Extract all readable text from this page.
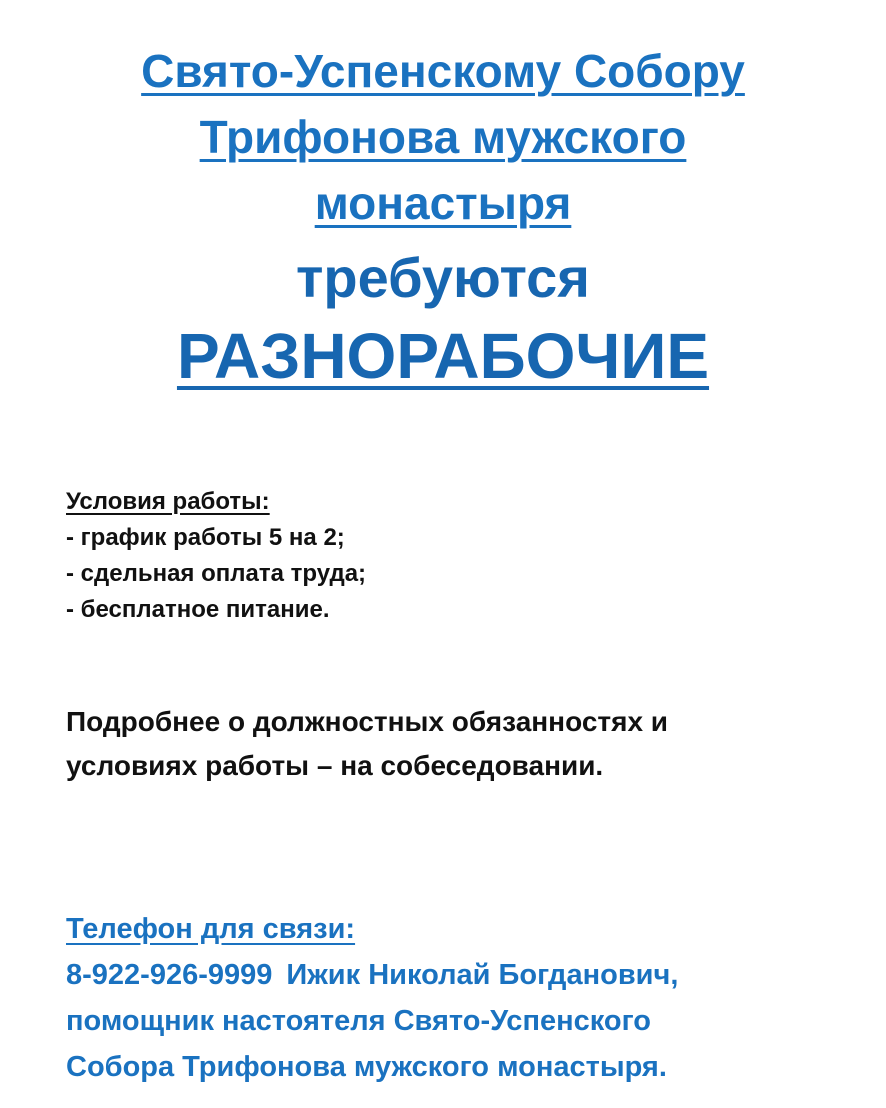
Свято-Успенскому Собору
Трифонова мужского
монастыря
требуются
РАЗНОРАБОЧИЕ
Условия работы:
- график работы 5 на 2;
- сдельная оплата труда;
- бесплатное питание.
Подробнее о должностных обязанностях и
условиях работы – на собеседовании.
Телефон для связи:
8-922-926-9999 Ижик Николай Богданович,
помощник настоятеля Свято-Успенского
Собора Трифонова мужского монастыря.
